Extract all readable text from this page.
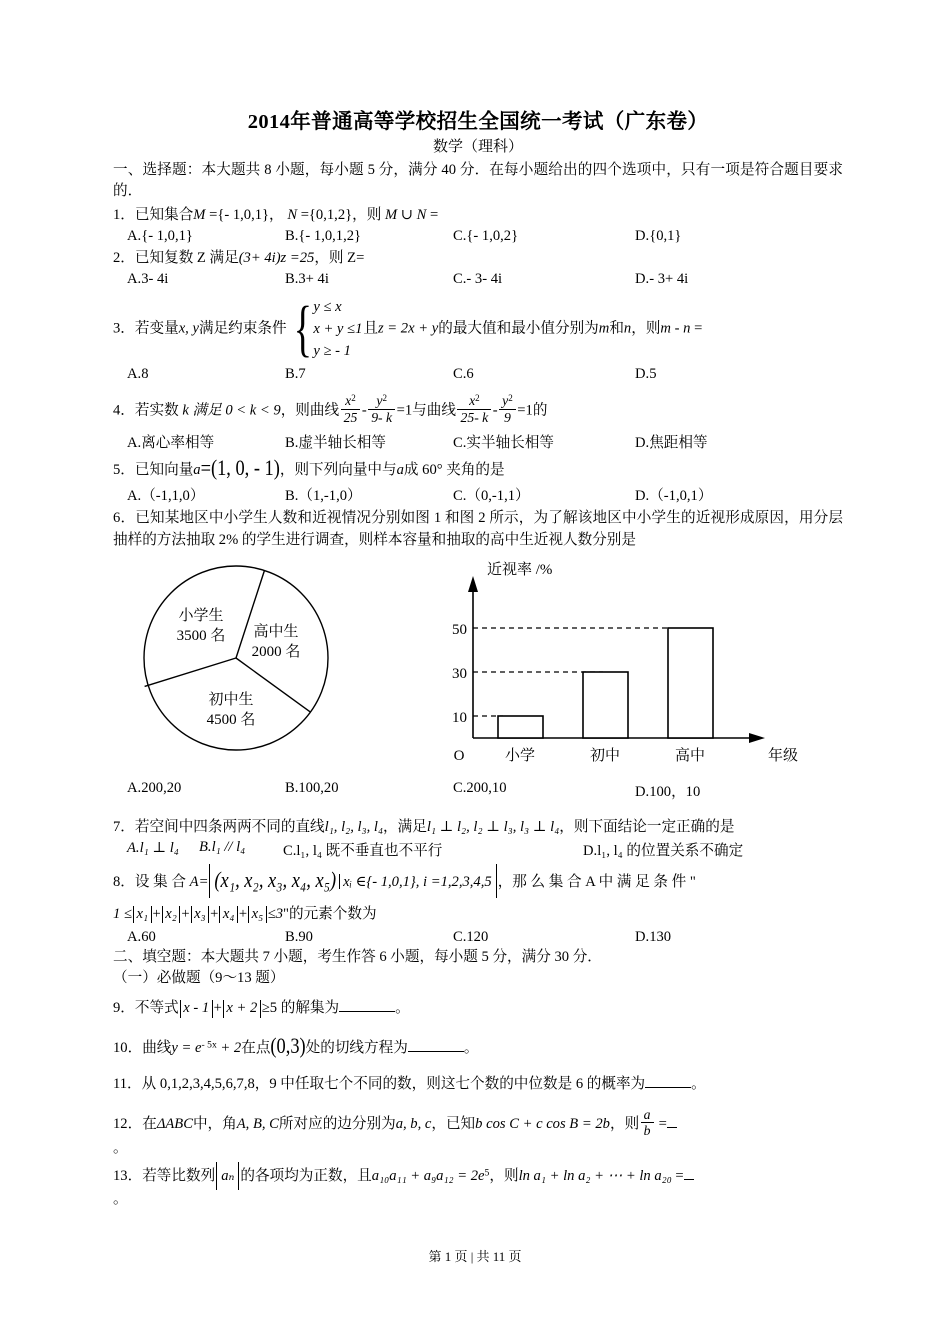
2014年普通高等学校招生全国统一考试（广东卷）
数学（理科）

一、选择题：本大题共 8 小题，每小题 5 分，满分 40 分．在每小题给出的四个选项中，只有一项是符合题目要求的．

1．已知集合M ={- 1,0,1}， N ={0,1,2}，则 M ∪ N =
A.{- 1,0,1}	B.{- 1,0,1,2}	C.{- 1,0,2}	D.{0,1}
2．已知复数 Z 满足(3+ 4i)z =25，则 Z=
A.3- 4i	B.3+ 4i	C.- 3- 4i	D.- 3+ 4i
3．若变量x, y满足约束条件 { y ≤ x
x + y ≤1
y ≥ - 1
且z = 2x + y的最大值和最小值分别为m和n，则m - n =
A.8	B.7	C.6	D.5
4．若实数 k 满足 0 < k < 9，则曲线 $\frac{x^2}{25} - \frac{y^2}{9- k} =1$与曲线 $\frac{x^2}{25- k} - \frac{y^2}{9} =1$的
A.离心率相等	B.虚半轴长相等	C.实半轴长相等	D.焦距相等
5．已知向量a=(1, 0, - 1)，则下列向量中与a成 60° 夹角的是
A.（-1,1,0）	B.（1,-1,0）	C.（0,-1,1）	D.（-1,0,1）
6．已知某地区中小学生人数和近视情况分别如图 1 和图 2 所示，为了解该地区中小学生的近视形成原因，用分层抽样的方法抽取 2% 的学生进行调查，则样本容量和抽取的高中生近视人数分别是
小学生
3500 名 高中生
2000 名
初中生
4500 名
近视率 /%
10
30
50
O	小学	初中	高中	年级
A.200,20	B.100,20	C.200,10	D.100，10
7．若空间中四条两两不同的直线l₁, l₂, l₃, l₄，满足l₁ ⊥ l₂, l₂ ⊥ l₃, l₃ ⊥ l₄，则下面结论一定正确的是
A.l₁ ⊥ l₄	B.l₁ // l₄	C.l₁, l₄ 既不垂直也不平行	D.l₁, l₄ 的位置关系不确定
8．设 集 合 A= (x₁, x₂, x₃, x₄, x₅) xᵢ ∈{- 1,0,1}, i =1,2,3,4,5 ，那 么 集 合 A 中 满 足 条 件 "
1 ≤ x₁ + x₂ + x₃ + x₄ + x₅ ≤3"的元素个数为
A.60	B.90	C.120	D.130

二、填空题：本大题共 7 小题，考生作答 6 小题，每小题 5 分，满分 30 分．

（一）必做题（9～13 题）

9．不等式 x - 1 + x + 2 ≥5 的解集为	。
10．曲线$y = e^{- 5x} + 2$在点(0,3)处的切线方程为	。
11．从 0,1,2,3,4,5,6,7,8，9 中任取七个不同的数，则这七个数的中位数是 6 的概率为	。
12．在ΔABC中，角A, B, C所对应的边分别为a, b, c，已知b cos C + c cos B = 2b，则 $\frac{a}{b}$ =
。
13．若等比数列 aₙ 的各项均为正数，且$a_{10}a_{11} + a_9a_{12} = 2e^5$，则ln a₁ + ln a₂ + ⋯ + ln a₂₀ =
。
第 1 页 | 共 11 页
